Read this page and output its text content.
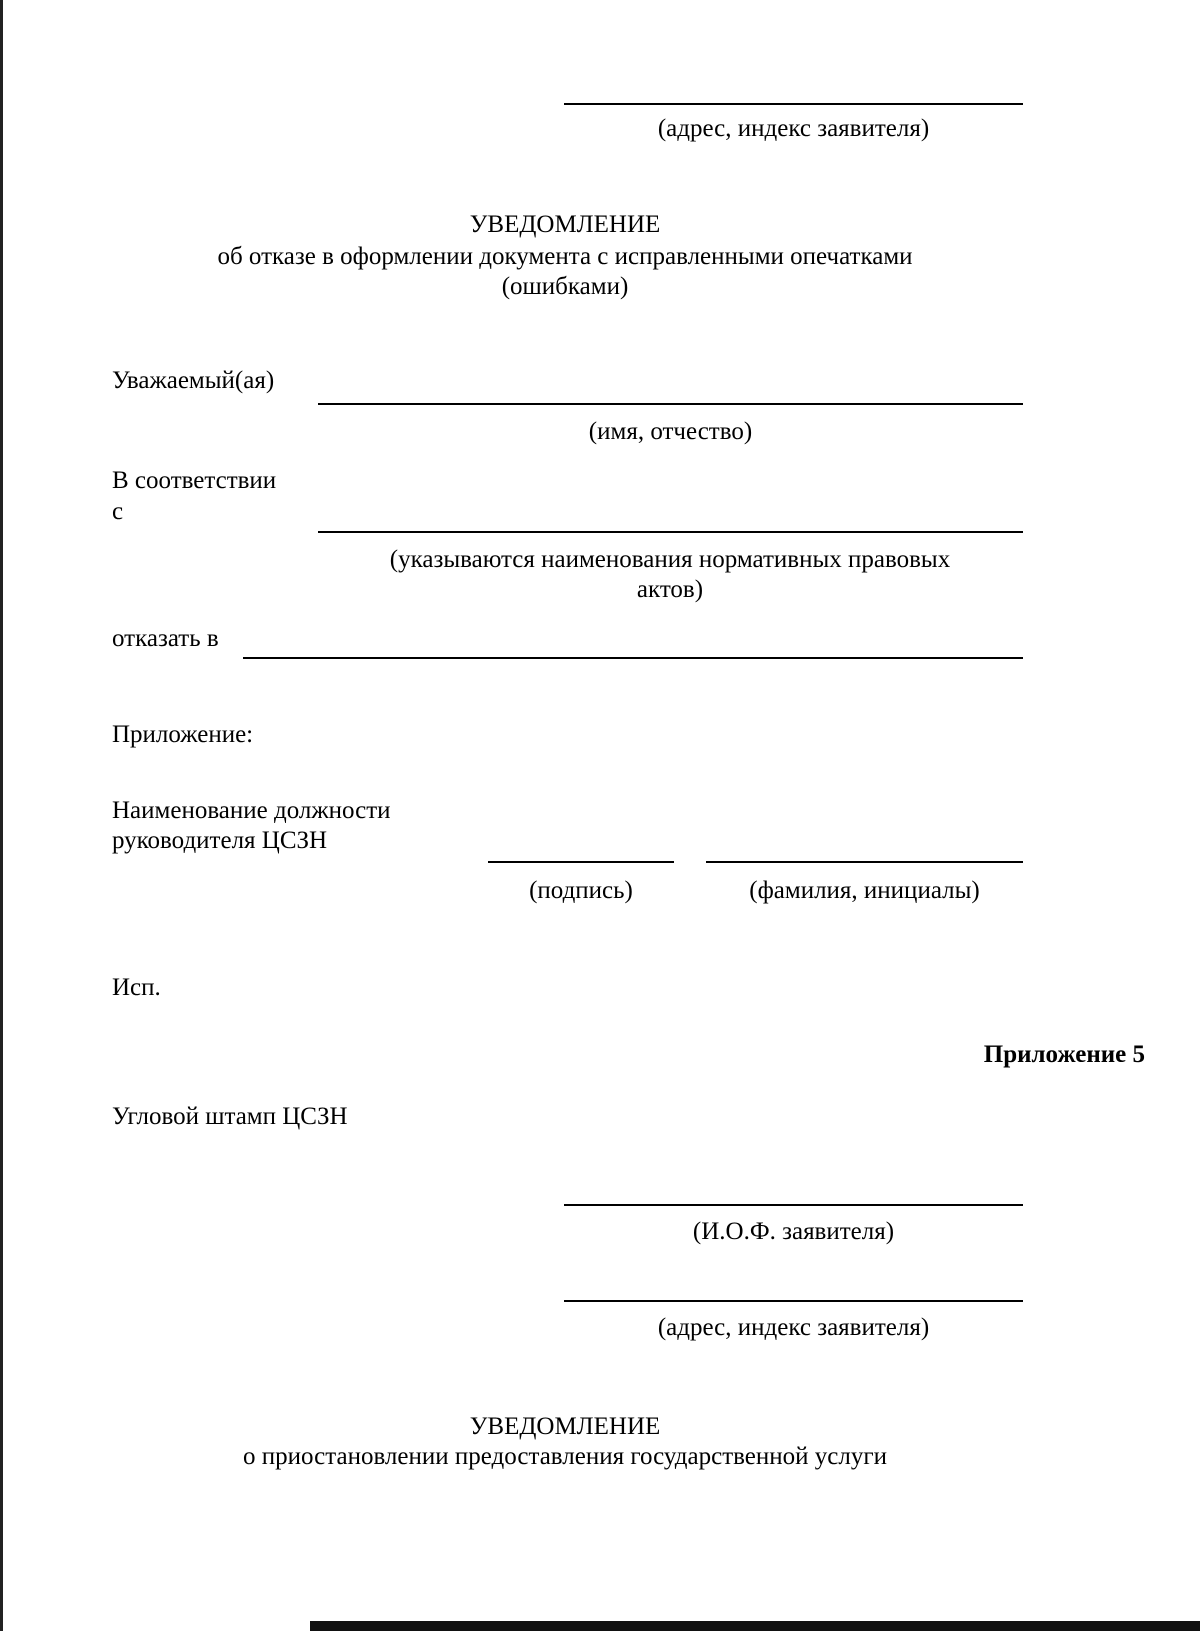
(адрес, индекс заявителя)
УВЕДОМЛЕНИЕ
об отказе в оформлении документа с исправленными опечатками
(ошибками)
Уважаемый(ая)
(имя, отчество)
В соответствии
с
(указываются наименования нормативных правовых
актов)
отказать в
Приложение:
Наименование должности
руководителя ЦСЗН
(подпись)	(фамилия, инициалы)
Исп.
Приложение 5
Угловой штамп ЦСЗН
(И.О.Ф. заявителя)
(адрес, индекс заявителя)
УВЕДОМЛЕНИЕ
о приостановлении предоставления государственной услуги
